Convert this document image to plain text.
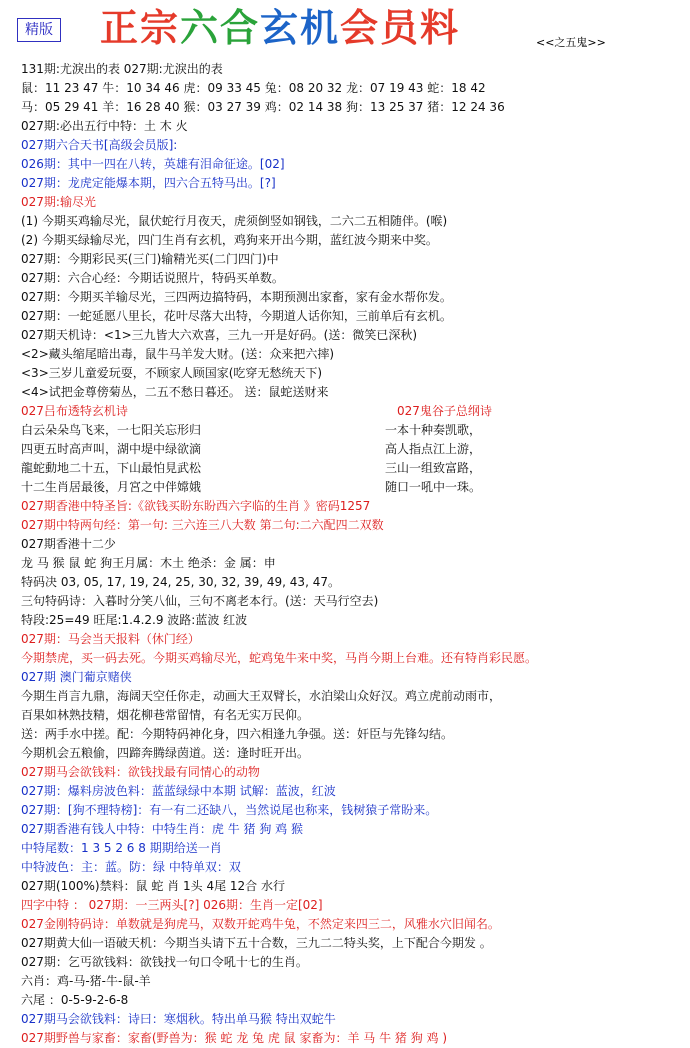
精版 正宗六合玄机会员料	<<之五鬼>>
131期:尤淚出的表 027期:尤淚出的表
鼠：11 23 47 牛：10 34 46 虎：09 33 45 兔：08 20 32 龙：07 19 43 蛇：18 42
马：05 29 41 羊：16 28 40 猴：03 27 39 鸡：02 14 38 狗：13 25 37 猪：12 24 36
027期:必出五行中特：土 木 火
027期六合天书[高级会员版]:
026期：其中一四在八转，英雄有泪命征途。[02]
027期：龙虎定能爆本期，四六合五特马出。[?]
027期:输尽光
(1) 今期买鸡输尽光，鼠伏蛇行月夜天，虎须倒竖如钢钱，二六二五相随伴。(喉)
(2) 今期买绿输尽光，四门生肖有玄机，鸡狗来开出今期，蓝红波今期来中奖。
027期：今期彩民买(三门)输精光买(二门四门)中
027期：六合心经：今期话说照片，特码买单数。
027期：今期买羊输尽光，三四两边搞特码，本期预测出家畜，家有金水帮你发。
027期：一蛇延愿八里长，花叶尽落大出特，今期道人话你知，三前单后有玄机。
027期天机诗：<1>三九皆大六欢喜，三九一开是好码。(送：微笑已深秋)
<2>藏头缩尾暗出毒，鼠牛马羊发大财。(送：众来把六摔)
<3>三岁儿童爱玩耍，不顾家人顾国家(吃穿无愁统天下)
<4>试把金尊傍菊丛，二五不愁日暮还。 送：鼠蛇送财来
027吕布透特玄机诗	027鬼谷子总纲诗
白云朵朵鸟飞来，一七阳关忘形归
四更五时高声叫，湖中堤中绿欲滴
龍蛇動地二十五，下山最怕見武松
十二生肖居最後，月宮之中伴嫦娥
一本十种奏凯歌，
高人指点江上游，
三山一组致富路，
随口一吼中一珠。
027期香港中特圣旨:《欲钱买盼东盼西六字临的生肖 》密码1257
027期中特两句经：第一句: 三六连三八大数 第二句:二六配四二双数
027期香港十二少
龙 马 猴 鼠 蛇 狗王月属：木土 绝杀：金 属：申
特码决 03, 05, 17, 19, 24, 25, 30, 32, 39, 49, 43, 47。
三句特码诗：入暮时分笑八仙，三句不离老本行。(送：天马行空去)
特段:25=49 旺尾:1.4.2.9 波路:蓝波 红波
027期：马会当天报料（休门经）
今期禁虎，买一码去死。今期买鸡输尽光，蛇鸡兔牛来中奖，马肖今期上台难。还有特肖彩民愿。
027期 澳门葡京赌侠
今期生肖言九鼎，海阔天空任你走，动画大王双臂长，水泊梁山众好汉。鸡立虎前动雨市，
百果如林熟技精，烟花柳巷常留情，有名无实万民仰。
送：两手水中搓。配：今期特码神化身，四六相逢九争强。送：奸臣与先锋勾结。
今期机会五粮偷，四蹄奔腾绿茵道。送：逢时旺开出。
027期马会欲钱料：欲钱找最有同情心的动物
027期：爆料房波色料：蓝蓝绿绿中本期 试解：蓝波，红波
027期：[狗不理特榜]：有一有二还缺八，当然说尾也称来，钱树猿子常盼来。
027期香港有钱人中特：中特生肖：虎 牛 猪 狗 鸡 猴
中特尾数：1 3 5 2 6 8 期期给送一肖
中特波色：主：蓝。防：绿 中特单双：双
027期(100%)禁料：鼠 蛇 肖 1头 4尾 12合 水行
四字中特 ： 027期：一三两头[?] 026期：生肖一定[02]
027金刚特码诗：单数就是狗虎马，双数开蛇鸡牛兔，不然定来四三二，风雅水穴旧闻名。
027期黄大仙一语破天机：今期当头请下五十合数，三九二二特头奖，上下配合今期发 。
027期：乞丐欲钱料：欲钱找一句口令吼十七的生肖。
六肖：鸡-马-猪-牛-鼠-羊
六尾 ：0-5-9-2-6-8
027期马会欲钱料：诗曰：寒烟秋。特出单马猴 特出双蛇牛
027期野兽与家畜：家畜(野兽为：猴 蛇 龙 兔 虎 鼠 家畜为：羊 马 牛 猪 狗 鸡 )
